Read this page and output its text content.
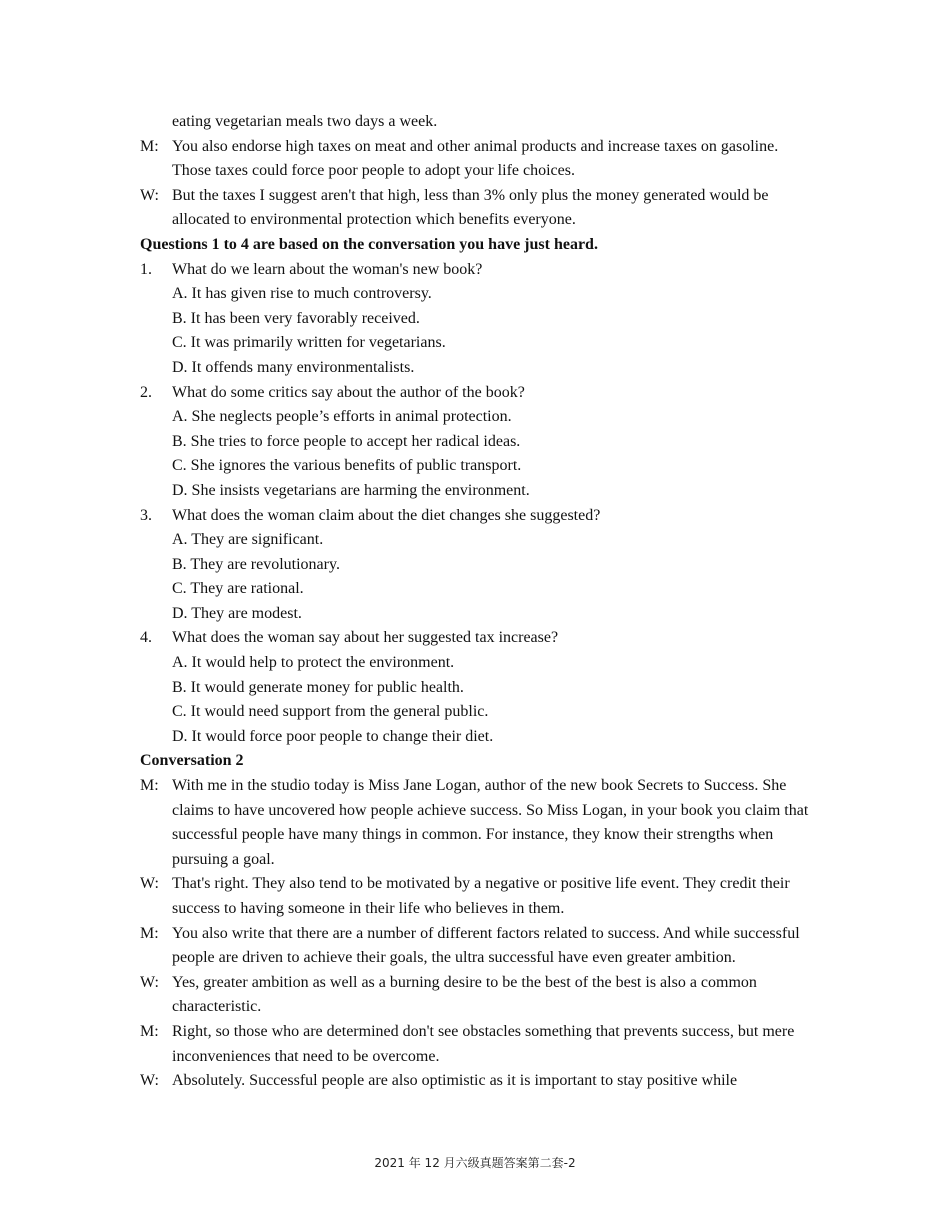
eating vegetarian meals two days a week.
M: You also endorse high taxes on meat and other animal products and increase taxes on gasoline. Those taxes could force poor people to adopt your life choices.
W: But the taxes I suggest aren't that high, less than 3% only plus the money generated would be allocated to environmental protection which benefits everyone.
Questions 1 to 4 are based on the conversation you have just heard.
1.	What do we learn about the woman's new book?
A. It has given rise to much controversy.
B. It has been very favorably received.
C. It was primarily written for vegetarians.
D. It offends many environmentalists.
2.	What do some critics say about the author of the book?
A. She neglects people’s efforts in animal protection.
B. She tries to force people to accept her radical ideas.
C. She ignores the various benefits of public transport.
D. She insists vegetarians are harming the environment.
3.	What does the woman claim about the diet changes she suggested?
A. They are significant.
B. They are revolutionary.
C. They are rational.
D. They are modest.
4.	What does the woman say about her suggested tax increase?
A. It would help to protect the environment.
B. It would generate money for public health.
C. It would need support from the general public.
D. It would force poor people to change their diet.
Conversation 2
M: With me in the studio today is Miss Jane Logan, author of the new book Secrets to Success. She claims to have uncovered how people achieve success. So Miss Logan, in your book you claim that successful people have many things in common. For instance, they know their strengths when pursuing a goal.
W: That's right. They also tend to be motivated by a negative or positive life event. They credit their success to having someone in their life who believes in them.
M: You also write that there are a number of different factors related to success. And while successful people are driven to achieve their goals, the ultra successful have even greater ambition.
W: Yes, greater ambition as well as a burning desire to be the best of the best is also a common characteristic.
M: Right, so those who are determined don't see obstacles something that prevents success, but mere inconveniences that need to be overcome.
W: Absolutely. Successful people are also optimistic as it is important to stay positive while
2021 年 12 月六级真题答案第二套-2
